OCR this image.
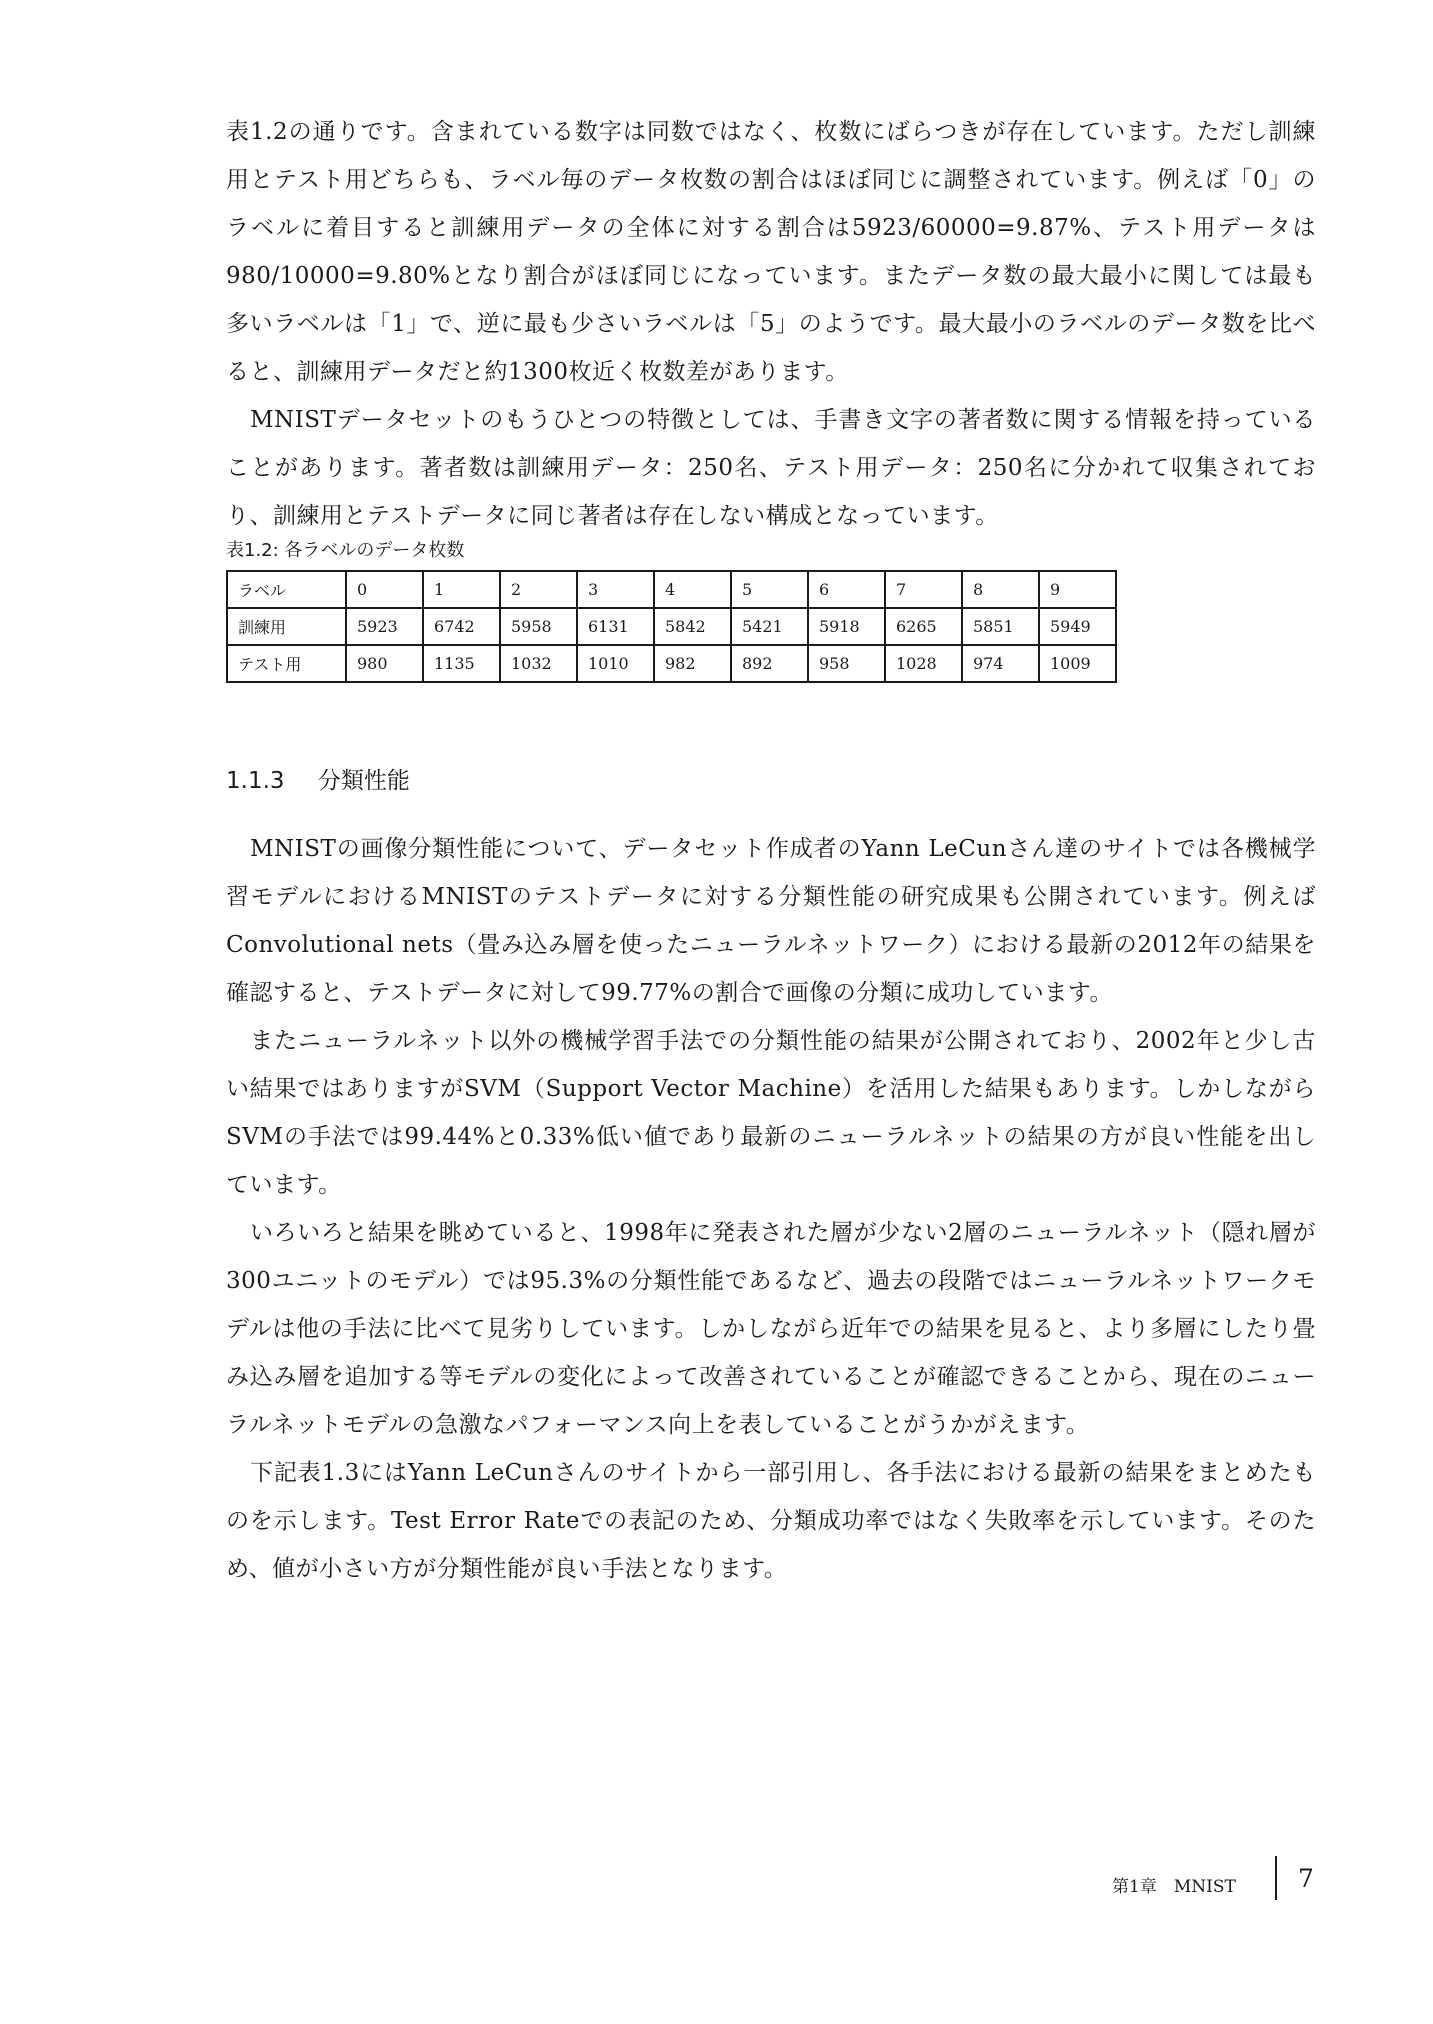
表1.2の通りです。含まれている数字は同数ではなく、枚数にばらつきが存在しています。ただし訓練用とテスト用どちらも、ラベル毎のデータ枚数の割合はほぼ同じに調整されています。例えば「0」のラベルに着目すると訓練用データの全体に対する割合は5923/60000=9.87%、テスト用データは980/10000=9.80%となり割合がほぼ同じになっています。またデータ数の最大最小に関しては最も多いラベルは「1」で、逆に最も少さいラベルは「5」のようです。最大最小のラベルのデータ数を比べると、訓練用データだと約1300枚近く枚数差があります。

MNISTデータセットのもうひとつの特徴としては、手書き文字の著者数に関する情報を持っていることがあります。著者数は訓練用データ：250名、テスト用データ：250名に分かれて収集されており、訓練用とテストデータに同じ著者は存在しない構成となっています。

表1.2: 各ラベルのデータ枚数
ラベル	0	1	2	3	4	5	6	7	8	9
訓練用	5923	6742	5958	6131	5842	5421	5918	6265	5851	5949
テスト用	980	1135	1032	1010	982	892	958	1028	974	1009
1.1.3 分類性能

MNISTの画像分類性能について、データセット作成者のYann LeCunさん達のサイトでは各機械学習モデルにおけるMNISTのテストデータに対する分類性能の研究成果も公開されています。例えばConvolutional nets（畳み込み層を使ったニューラルネットワーク）における最新の2012年の結果を確認すると、テストデータに対して99.77%の割合で画像の分類に成功しています。

またニューラルネット以外の機械学習手法での分類性能の結果が公開されており、2002年と少し古い結果ではありますがSVM（Support Vector Machine）を活用した結果もあります。しかしながらSVMの手法では99.44%と0.33%低い値であり最新のニューラルネットの結果の方が良い性能を出しています。

いろいろと結果を眺めていると、1998年に発表された層が少ない2層のニューラルネット（隠れ層が300ユニットのモデル）では95.3%の分類性能であるなど、過去の段階ではニューラルネットワークモデルは他の手法に比べて見劣りしています。しかしながら近年での結果を見ると、より多層にしたり畳み込み層を追加する等モデルの変化によって改善されていることが確認できることから、現在のニューラルネットモデルの急激なパフォーマンス向上を表していることがうかがえます。

下記表1.3にはYann LeCunさんのサイトから一部引用し、各手法における最新の結果をまとめたものを示します。Test Error Rateでの表記のため、分類成功率ではなく失敗率を示しています。そのため、値が小さい方が分類性能が良い手法となります。

第1章　MNIST 7
